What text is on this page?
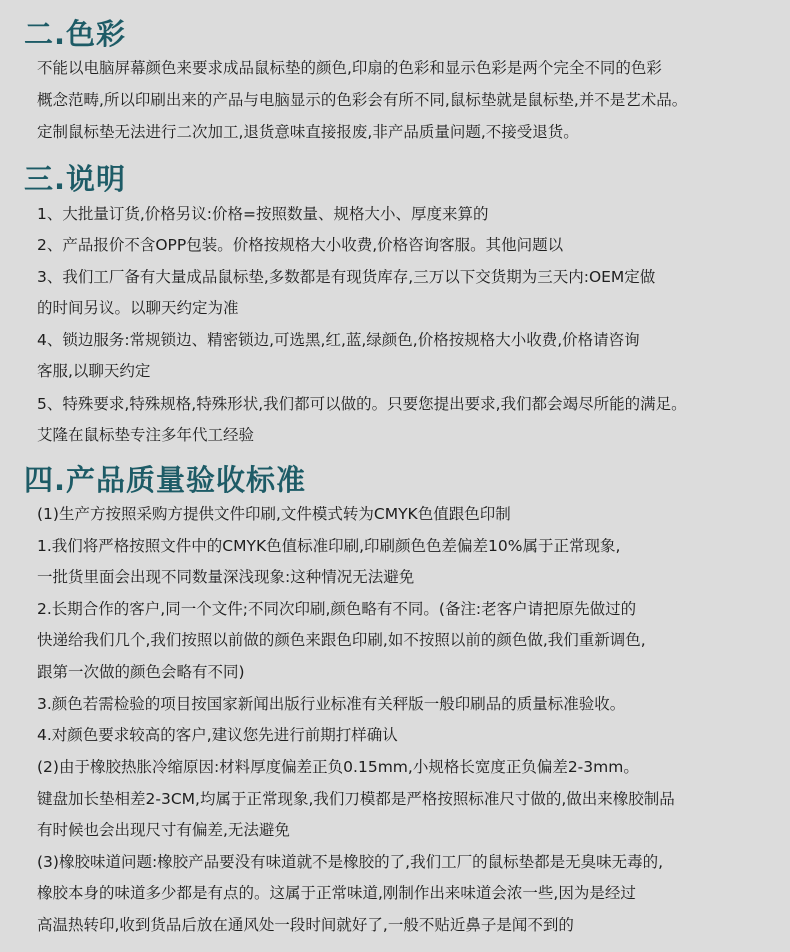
二.色彩
不能以电脑屏幕颜色来要求成品鼠标垫的颜色,印扇的色彩和显示色彩是两个完全不同的色彩
概念范畴,所以印刷出来的产品与电脑显示的色彩会有所不同,鼠标垫就是鼠标垫,并不是艺术品。
定制鼠标垫无法进行二次加工,退货意味直接报废,非产品质量问题,不接受退货。
三.说明
1、大批量订货,价格另议:价格=按照数量、规格大小、厚度来算的
2、产品报价不含OPP包装。价格按规格大小收费,价格咨询客服。其他问题以
3、我们工厂备有大量成品鼠标垫,多数都是有现货库存,三万以下交货期为三天内:OEM定做
的时间另议。以聊天约定为准
4、锁边服务:常规锁边、精密锁边,可选黑,红,蓝,绿颜色,价格按规格大小收费,价格请咨询
客服,以聊天约定
5、特殊要求,特殊规格,特殊形状,我们都可以做的。只要您提出要求,我们都会竭尽所能的满足。
艾隆在鼠标垫专注多年代工经验
四.产品质量验收标准
(1)生产方按照采购方提供文件印刷,文件模式转为CMYK色值跟色印制
1.我们将严格按照文件中的CMYK色值标准印刷,印刷颜色色差偏差10%属于正常现象,
一批货里面会出现不同数量深浅现象:这种情况无法避免
2.长期合作的客户,同一个文件;不同次印刷,颜色略有不同。(备注:老客户请把原先做过的
快递给我们几个,我们按照以前做的颜色来跟色印刷,如不按照以前的颜色做,我们重新调色,
跟第一次做的颜色会略有不同)
3.颜色若需检验的项目按国家新闻出版行业标准有关秤版一般印刷品的质量标准验收。
4.对颜色要求较高的客户,建议您先进行前期打样确认
(2)由于橡胶热胀冷缩原因:材料厚度偏差正负0.15mm,小规格长宽度正负偏差2-3mm。
键盘加长垫相差2-3CM,均属于正常现象,我们刀模都是严格按照标准尺寸做的,做出来橡胶制品
有时候也会出现尺寸有偏差,无法避免
(3)橡胶味道问题:橡胶产品要没有味道就不是橡胶的了,我们工厂的鼠标垫都是无臭味无毒的,
橡胶本身的味道多少都是有点的。这属于正常味道,刚制作出来味道会浓一些,因为是经过
高温热转印,收到货品后放在通风处一段时间就好了,一般不贴近鼻子是闻不到的
